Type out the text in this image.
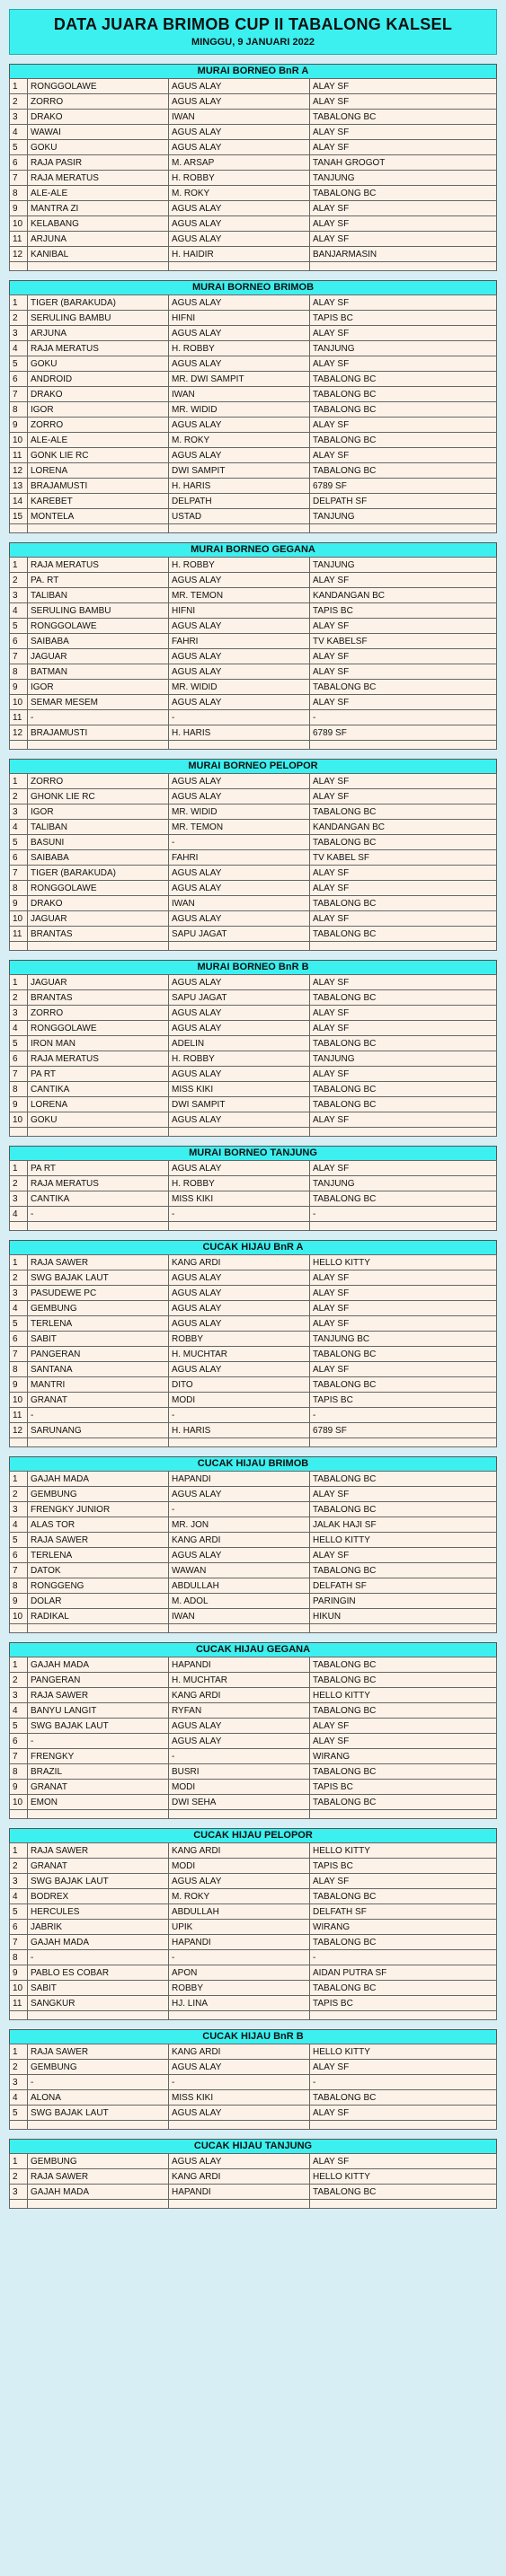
DATA JUARA BRIMOB CUP II TABALONG KALSEL
MINGGU, 9 JANUARI 2022
MURAI BORNEO BnR A
1	RONGGOLAWE	AGUS ALAY	ALAY SF
2	ZORRO	AGUS ALAY	ALAY SF
3	DRAKO	IWAN	TABALONG BC
4	WAWAI	AGUS ALAY	ALAY SF
5	GOKU	AGUS ALAY	ALAY SF
6	RAJA PASIR	M. ARSAP	TANAH GROGOT
7	RAJA MERATUS	H. ROBBY	TANJUNG
8	ALE-ALE	M. ROKY	TABALONG BC
9	MANTRA ZI	AGUS ALAY	ALAY SF
10	KELABANG	AGUS ALAY	ALAY SF
11	ARJUNA	AGUS ALAY	ALAY SF
12	KANIBAL	H. HAIDIR	BANJARMASIN

MURAI BORNEO BRIMOB
1	TIGER (BARAKUDA)	AGUS ALAY	ALAY SF
2	SERULING BAMBU	HIFNI	TAPIS BC
3	ARJUNA	AGUS ALAY	ALAY SF
4	RAJA MERATUS	H. ROBBY	TANJUNG
5	GOKU	AGUS ALAY	ALAY SF
6	ANDROID	MR. DWI SAMPIT	TABALONG BC
7	DRAKO	IWAN	TABALONG BC
8	IGOR	MR. WIDID	TABALONG BC
9	ZORRO	AGUS ALAY	ALAY SF
10	ALE-ALE	M. ROKY	TABALONG BC
11	GONK LIE RC	AGUS ALAY	ALAY SF
12	LORENA	DWI SAMPIT	TABALONG BC
13	BRAJAMUSTI	H. HARIS	6789 SF
14	KAREBET	DELPATH	DELPATH SF
15	MONTELA	USTAD	TANJUNG

MURAI BORNEO GEGANA
1	RAJA MERATUS	H. ROBBY	TANJUNG
2	PA. RT	AGUS ALAY	ALAY SF
3	TALIBAN	MR. TEMON	KANDANGAN BC
4	SERULING BAMBU	HIFNI	TAPIS BC
5	RONGGOLAWE	AGUS ALAY	ALAY SF
6	SAIBABA	FAHRI	TV KABELSF
7	JAGUAR	AGUS ALAY	ALAY SF
8	BATMAN	AGUS ALAY	ALAY SF
9	IGOR	MR. WIDID	TABALONG BC
10	SEMAR MESEM	AGUS ALAY	ALAY SF
11	-	-	-
12	BRAJAMUSTI	H. HARIS	6789 SF

MURAI BORNEO PELOPOR
1	ZORRO	AGUS ALAY	ALAY SF
2	GHONK LIE RC	AGUS ALAY	ALAY SF
3	IGOR	MR. WIDID	TABALONG BC
4	TALIBAN	MR. TEMON	KANDANGAN BC
5	BASUNI	-	TABALONG BC
6	SAIBABA	FAHRI	TV KABEL SF
7	TIGER (BARAKUDA)	AGUS ALAY	ALAY SF
8	RONGGOLAWE	AGUS ALAY	ALAY SF
9	DRAKO	IWAN	TABALONG BC
10	JAGUAR	AGUS ALAY	ALAY SF
11	BRANTAS	SAPU JAGAT	TABALONG BC

MURAI BORNEO BnR B
1	JAGUAR	AGUS ALAY	ALAY SF
2	BRANTAS	SAPU JAGAT	TABALONG BC
3	ZORRO	AGUS ALAY	ALAY SF
4	RONGGOLAWE	AGUS ALAY	ALAY SF
5	IRON MAN	ADELIN	TABALONG BC
6	RAJA MERATUS	H. ROBBY	TANJUNG
7	PA RT	AGUS ALAY	ALAY SF
8	CANTIKA	MISS KIKI	TABALONG BC
9	LORENA	DWI SAMPIT	TABALONG BC
10	GOKU	AGUS ALAY	ALAY SF

MURAI BORNEO TANJUNG
1	PA RT	AGUS ALAY	ALAY SF
2	RAJA MERATUS	H. ROBBY	TANJUNG
3	CANTIKA	MISS KIKI	TABALONG BC
4	-	-	-

CUCAK HIJAU BnR A
1	RAJA SAWER	KANG ARDI	HELLO KITTY
2	SWG BAJAK LAUT	AGUS ALAY	ALAY SF
3	PASUDEWE PC	AGUS ALAY	ALAY SF
4	GEMBUNG	AGUS ALAY	ALAY SF
5	TERLENA	AGUS ALAY	ALAY SF
6	SABIT	ROBBY	TANJUNG BC
7	PANGERAN	H. MUCHTAR	TABALONG BC
8	SANTANA	AGUS ALAY	ALAY SF
9	MANTRI	DITO	TABALONG BC
10	GRANAT	MODI	TAPIS BC
11	-	-	-
12	SARUNANG	H. HARIS	6789 SF

CUCAK HIJAU BRIMOB
1	GAJAH MADA	HAPANDI	TABALONG BC
2	GEMBUNG	AGUS ALAY	ALAY SF
3	FRENGKY JUNIOR	-	TABALONG BC
4	ALAS TOR	MR. JON	JALAK HAJI SF
5	RAJA SAWER	KANG ARDI	HELLO KITTY
6	TERLENA	AGUS ALAY	ALAY SF
7	DATOK	WAWAN	TABALONG BC
8	RONGGENG	ABDULLAH	DELFATH SF
9	DOLAR	M. ADOL	PARINGIN
10	RADIKAL	IWAN	HIKUN

CUCAK HIJAU GEGANA
1	GAJAH MADA	HAPANDI	TABALONG BC
2	PANGERAN	H. MUCHTAR	TABALONG BC
3	RAJA SAWER	KANG ARDI	HELLO KITTY
4	BANYU LANGIT	RYFAN	TABALONG BC
5	SWG BAJAK LAUT	AGUS ALAY	ALAY SF
6	-	AGUS ALAY	ALAY SF
7	FRENGKY	-	WIRANG
8	BRAZIL	BUSRI	TABALONG BC
9	GRANAT	MODI	TAPIS BC
10	EMON	DWI SEHA	TABALONG BC

CUCAK HIJAU PELOPOR
1	RAJA SAWER	KANG ARDI	HELLO KITTY
2	GRANAT	MODI	TAPIS BC
3	SWG BAJAK LAUT	AGUS ALAY	ALAY SF
4	BODREX	M. ROKY	TABALONG BC
5	HERCULES	ABDULLAH	DELFATH SF
6	JABRIK	UPIK	WIRANG
7	GAJAH MADA	HAPANDI	TABALONG BC
8	-	-	-
9	PABLO ES COBAR	APON	AIDAN PUTRA SF
10	SABIT	ROBBY	TABALONG BC
11	SANGKUR	HJ. LINA	TAPIS BC

CUCAK HIJAU BnR B
1	RAJA SAWER	KANG ARDI	HELLO KITTY
2	GEMBUNG	AGUS ALAY	ALAY SF
3	-	-	-
4	ALONA	MISS KIKI	TABALONG BC
5	SWG BAJAK LAUT	AGUS ALAY	ALAY SF

CUCAK HIJAU TANJUNG
1	GEMBUNG	AGUS ALAY	ALAY SF
2	RAJA SAWER	KANG ARDI	HELLO KITTY
3	GAJAH MADA	HAPANDI	TABALONG BC
